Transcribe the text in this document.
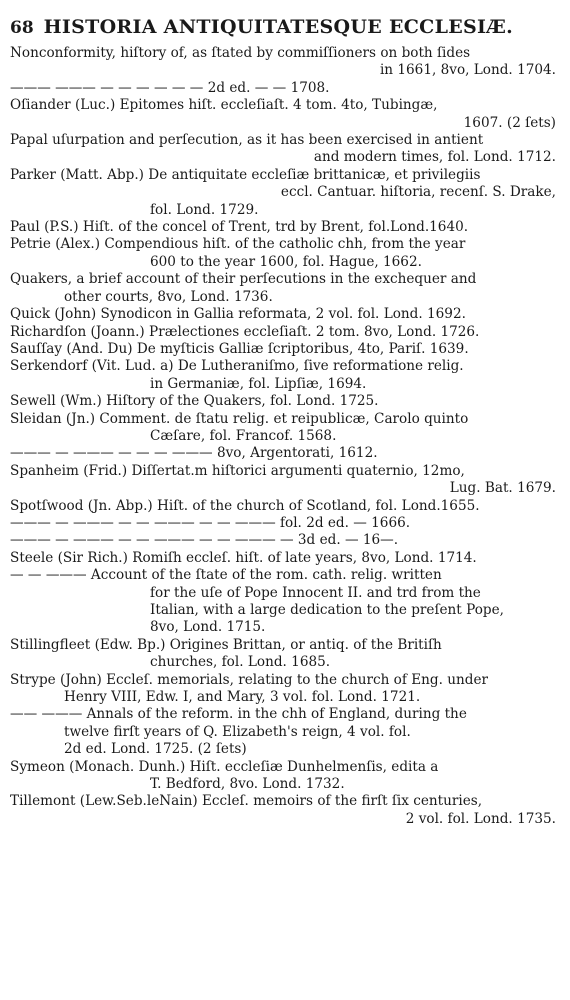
68 HISTORIA ANTIQUITATESQUE ECCLESIÆ.
Nonconformity, hiſtory of, as ſtated by commiſſioners on both ſides
in 1661, 8vo, Lond. 1704.
——— ——— — — — — — — 2d ed. — — 1708.
Oſiander (Luc.) Epitomes hiſt. eccleſiaſt. 4 tom. 4to, Tubingæ,
1607. (2 ſets)
Papal uſurpation and perſecution, as it has been exercised in antient
and modern times, fol. Lond. 1712.
Parker (Matt. Abp.) De antiquitate eccleſiæ brittanicæ, et privilegiis
eccl. Cantuar. hiſtoria, recenſ. S. Drake,
fol. Lond. 1729.
Paul (P.S.) Hiſt. of the concel of Trent, trd by Brent, fol.Lond.1640.
Petrie (Alex.) Compendious hiſt. of the catholic chh, from the year
600 to the year 1600, fol. Hague, 1662.
Quakers, a brief account of their perſecutions in the exchequer and
other courts, 8vo, Lond. 1736.
Quick (John) Synodicon in Gallia reformata, 2 vol. fol. Lond. 1692.
Richardſon (Joann.) Prælectiones eccleſiaſt. 2 tom. 8vo, Lond. 1726.
Sauſſay (And. Du) De myſticis Galliæ ſcriptoribus, 4to, Pariſ. 1639.
Serkendorf (Vit. Lud. a) De Lutheraniſmo, ſive reformatione relig.
in Germaniæ, fol. Lipſiæ, 1694.
Sewell (Wm.) Hiſtory of the Quakers, fol. Lond. 1725.
Sleidan (Jn.) Comment. de ſtatu relig. et reipublicæ, Carolo quinto
Cæſare, fol. Francof. 1568.
——— — ——— — — — ——— 8vo, Argentorati, 1612.
Spanheim (Frid.) Diſſertat.m hiſtorici argumenti quaternio, 12mo,
Lug. Bat. 1679.
Spotſwood (Jn. Abp.) Hiſt. of the church of Scotland, fol. Lond.1655.
——— — ——— — — ——— — — ——— fol. 2d ed. — 1666.
——— — ——— — — ——— — — ——— — 3d ed. — 16—.
Steele (Sir Rich.) Romiſh eccleſ. hiſt. of late years, 8vo, Lond. 1714.
— — ——— Account of the ſtate of the rom. cath. relig. written
for the uſe of Pope Innocent II. and trd from the
Italian, with a large dedication to the preſent Pope,
8vo, Lond. 1715.
Stillingfleet (Edw. Bp.) Origines Brittan, or antiq. of the Britiſh
churches, fol. Lond. 1685.
Strype (John) Eccleſ. memorials, relating to the church of Eng. under
Henry VIII, Edw. I, and Mary, 3 vol. fol. Lond. 1721.
—— ——— Annals of the reform. in the chh of England, during the
twelve firſt years of Q. Elizabeth's reign, 4 vol. fol.
2d ed. Lond. 1725. (2 ſets)
Symeon (Monach. Dunh.) Hiſt. eccleſiæ Dunhelmenſis, edita a
T. Bedford, 8vo. Lond. 1732.
Tillemont (Lew.Seb.leNain) Eccleſ. memoirs of the firſt ſix centuries,
2 vol. fol. Lond. 1735.
